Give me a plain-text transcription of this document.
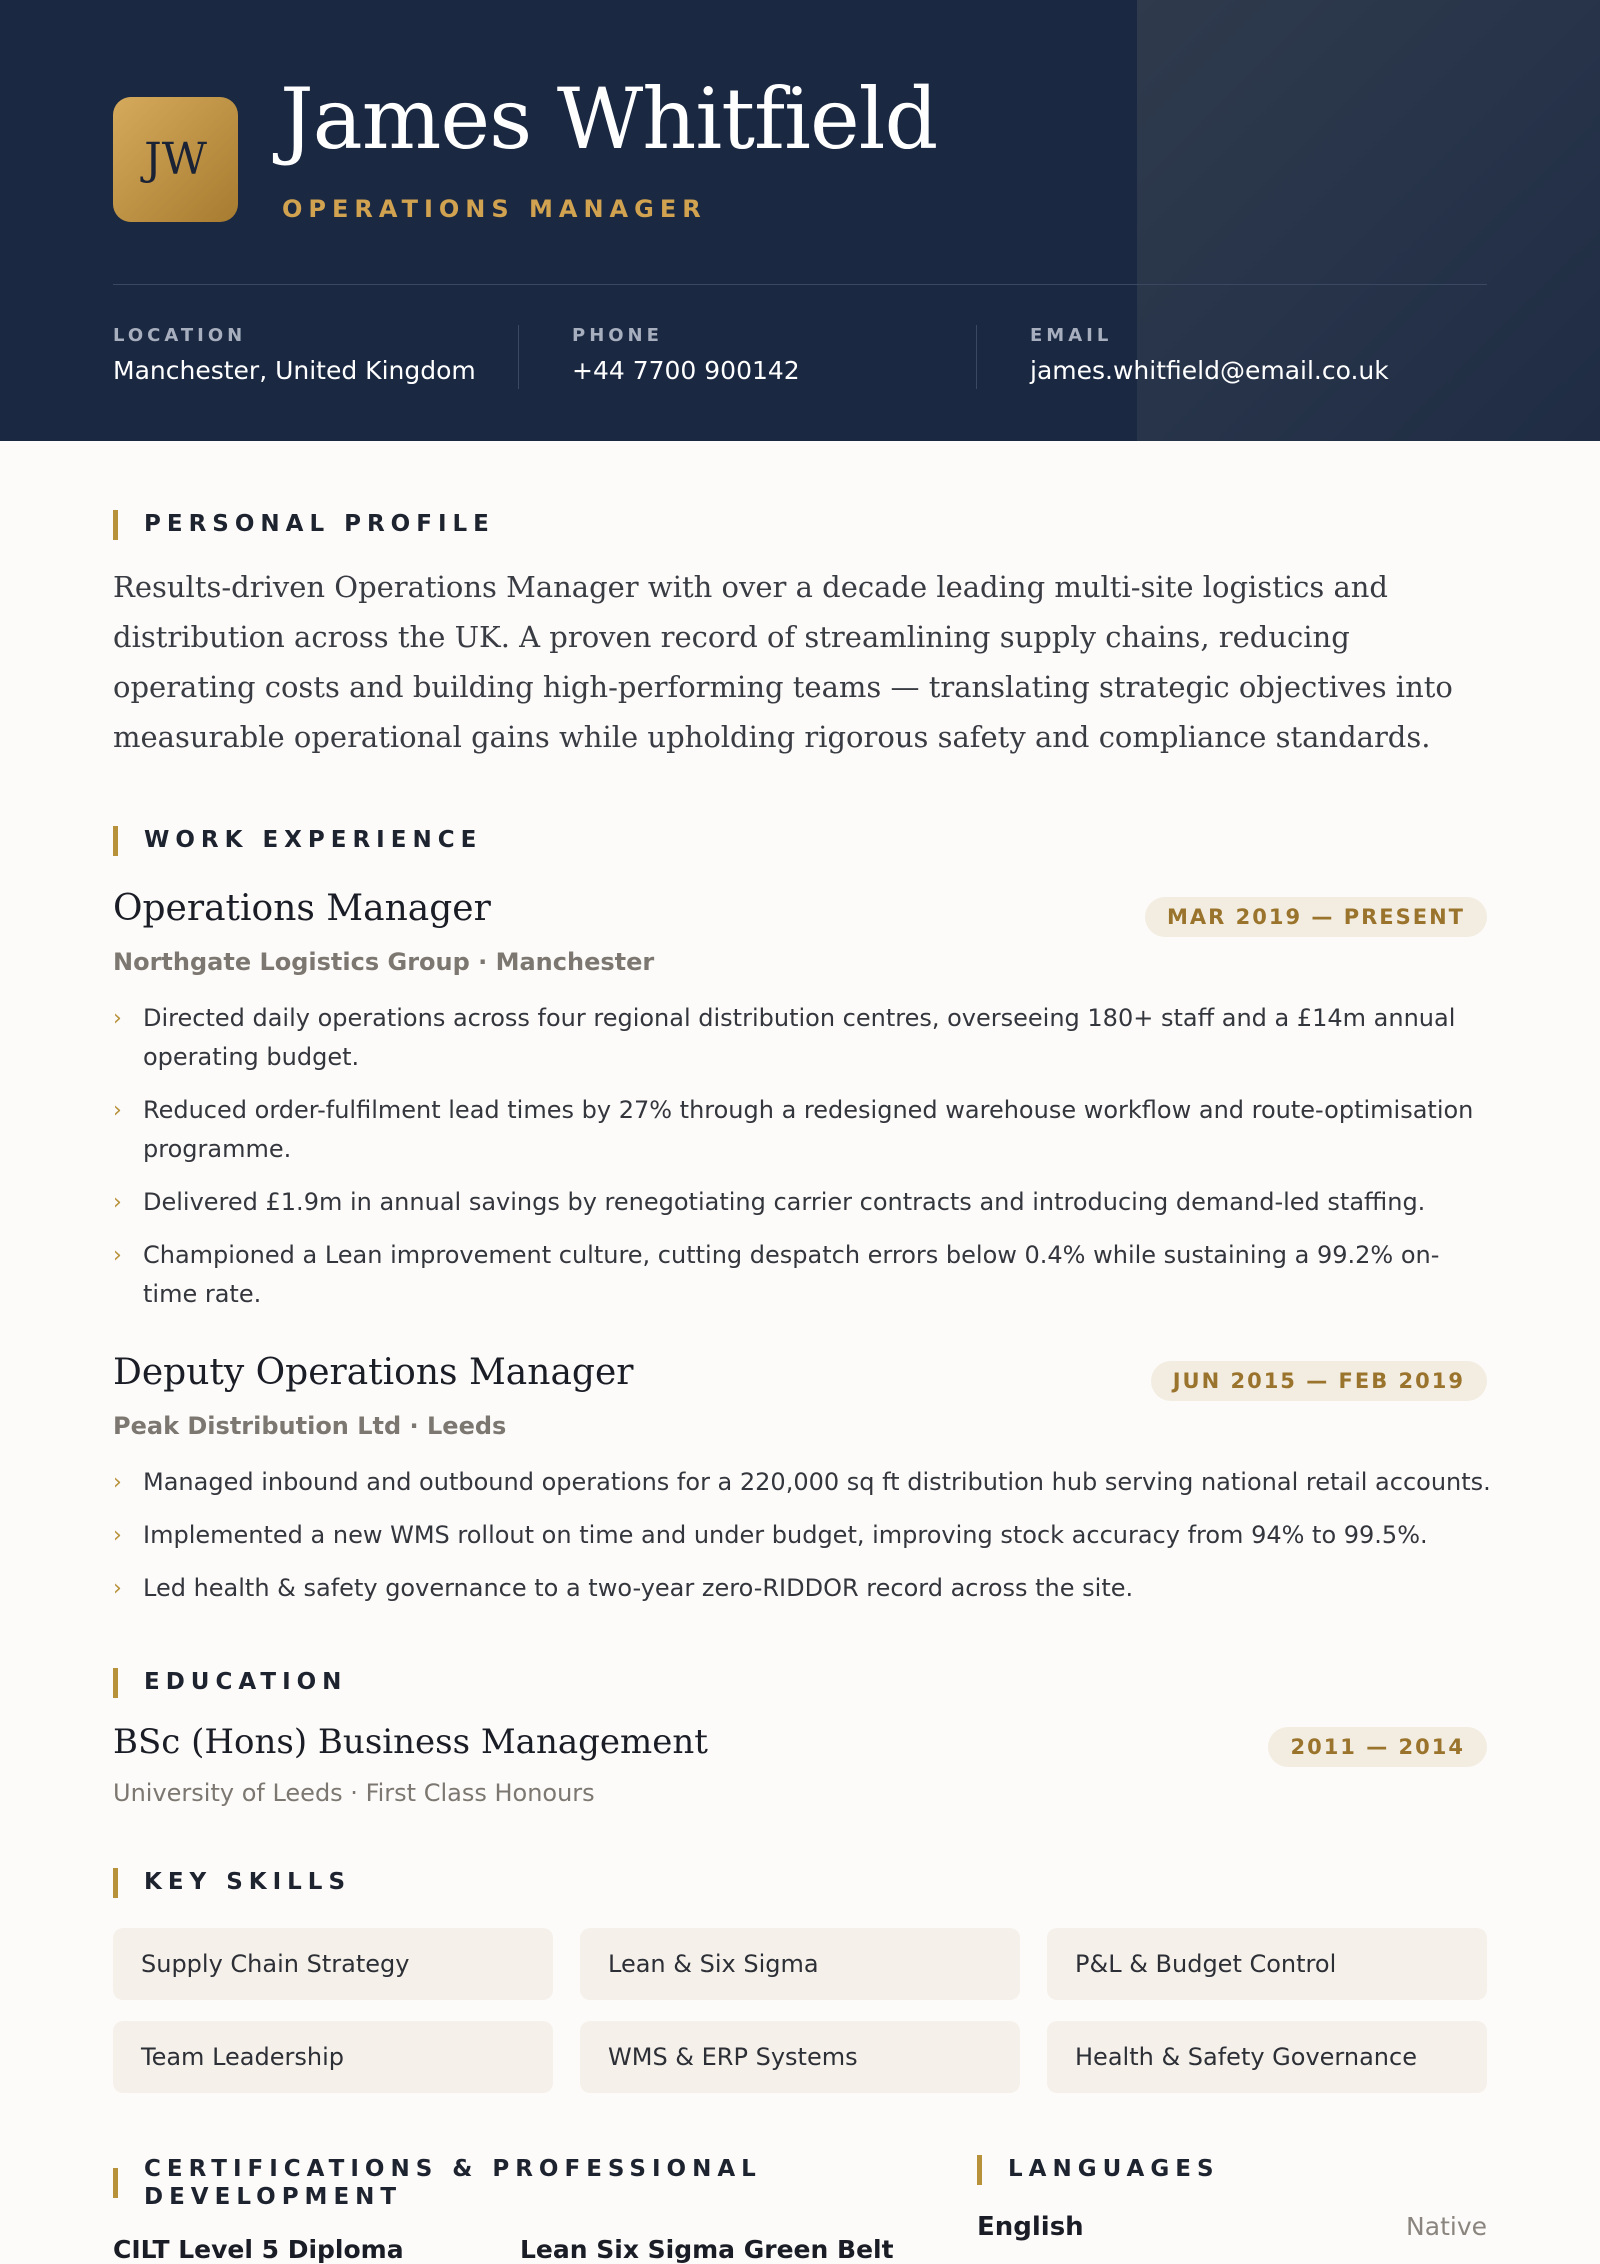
JW James Whitfield
OPERATIONS MANAGER
LOCATION
Manchester, United Kingdom
PHONE
+44 7700 900142
EMAIL
james.whitfield@email.co.uk
PERSONAL PROFILE
Results-driven Operations Manager with over a decade leading multi-site logistics and distribution across the UK. A proven record of streamlining supply chains, reducing operating costs and building high-performing teams — translating strategic objectives into measurable operational gains while upholding rigorous safety and compliance standards.
WORK EXPERIENCE
Operations Manager	MAR 2019 — PRESENT
Northgate Logistics Group · Manchester
› Directed daily operations across four regional distribution centres, overseeing 180+ staff and a £14m annual operating budget.
› Reduced order-fulfilment lead times by 27% through a redesigned warehouse workflow and route-optimisation programme.
› Delivered £1.9m in annual savings by renegotiating carrier contracts and introducing demand-led staffing.
› Championed a Lean improvement culture, cutting despatch errors below 0.4% while sustaining a 99.2% on-time rate.
Deputy Operations Manager	JUN 2015 — FEB 2019
Peak Distribution Ltd · Leeds
› Managed inbound and outbound operations for a 220,000 sq ft distribution hub serving national retail accounts.
› Implemented a new WMS rollout on time and under budget, improving stock accuracy from 94% to 99.5%.
› Led health & safety governance to a two-year zero-RIDDOR record across the site.
EDUCATION
BSc (Hons) Business Management	2011 — 2014
University of Leeds · First Class Honours
KEY SKILLS
Supply Chain Strategy	Lean & Six Sigma	P&L & Budget Control
Team Leadership	WMS & ERP Systems	Health & Safety Governance
CERTIFICATIONS & PROFESSIONAL
DEVELOPMENT
CILT Level 5 Diploma	Lean Six Sigma Green Belt
LANGUAGES
English	Native
